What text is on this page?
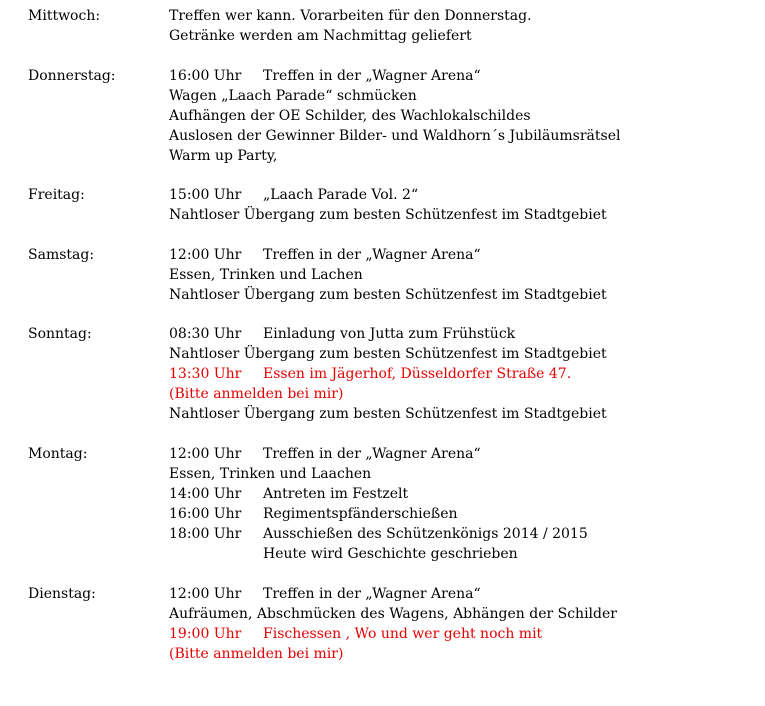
Mittwoch:	Treffen wer kann. Vorarbeiten für den Donnerstag.
Getränke werden am Nachmittag geliefert
Donnerstag:	16:00 Uhr Treffen in der „Wagner Arena“
Wagen „Laach Parade“ schmücken
Aufhängen der OE Schilder, des Wachlokalschildes
Auslosen der Gewinner Bilder- und Waldhorn´s Jubiläumsrätsel
Warm up Party,
Freitag:	15:00 Uhr „Laach Parade Vol. 2“
Nahtloser Übergang zum besten Schützenfest im Stadtgebiet
Samstag:	12:00 Uhr Treffen in der „Wagner Arena“
Essen, Trinken und Lachen
Nahtloser Übergang zum besten Schützenfest im Stadtgebiet
Sonntag:	08:30 Uhr Einladung von Jutta zum Frühstück
Nahtloser Übergang zum besten Schützenfest im Stadtgebiet
13:30 Uhr Essen im Jägerhof, Düsseldorfer Straße 47.
(Bitte anmelden bei mir)
Nahtloser Übergang zum besten Schützenfest im Stadtgebiet
Montag:	12:00 Uhr Treffen in der „Wagner Arena“
Essen, Trinken und Laachen
14:00 Uhr Antreten im Festzelt
16:00 Uhr Regimentspfänderschießen
18:00 Uhr Ausschießen des Schützenkönigs 2014 / 2015
Heute wird Geschichte geschrieben
Dienstag:	12:00 Uhr Treffen in der „Wagner Arena“
Aufräumen, Abschmücken des Wagens, Abhängen der Schilder
19:00 Uhr Fischessen , Wo und wer geht noch mit
(Bitte anmelden bei mir)
